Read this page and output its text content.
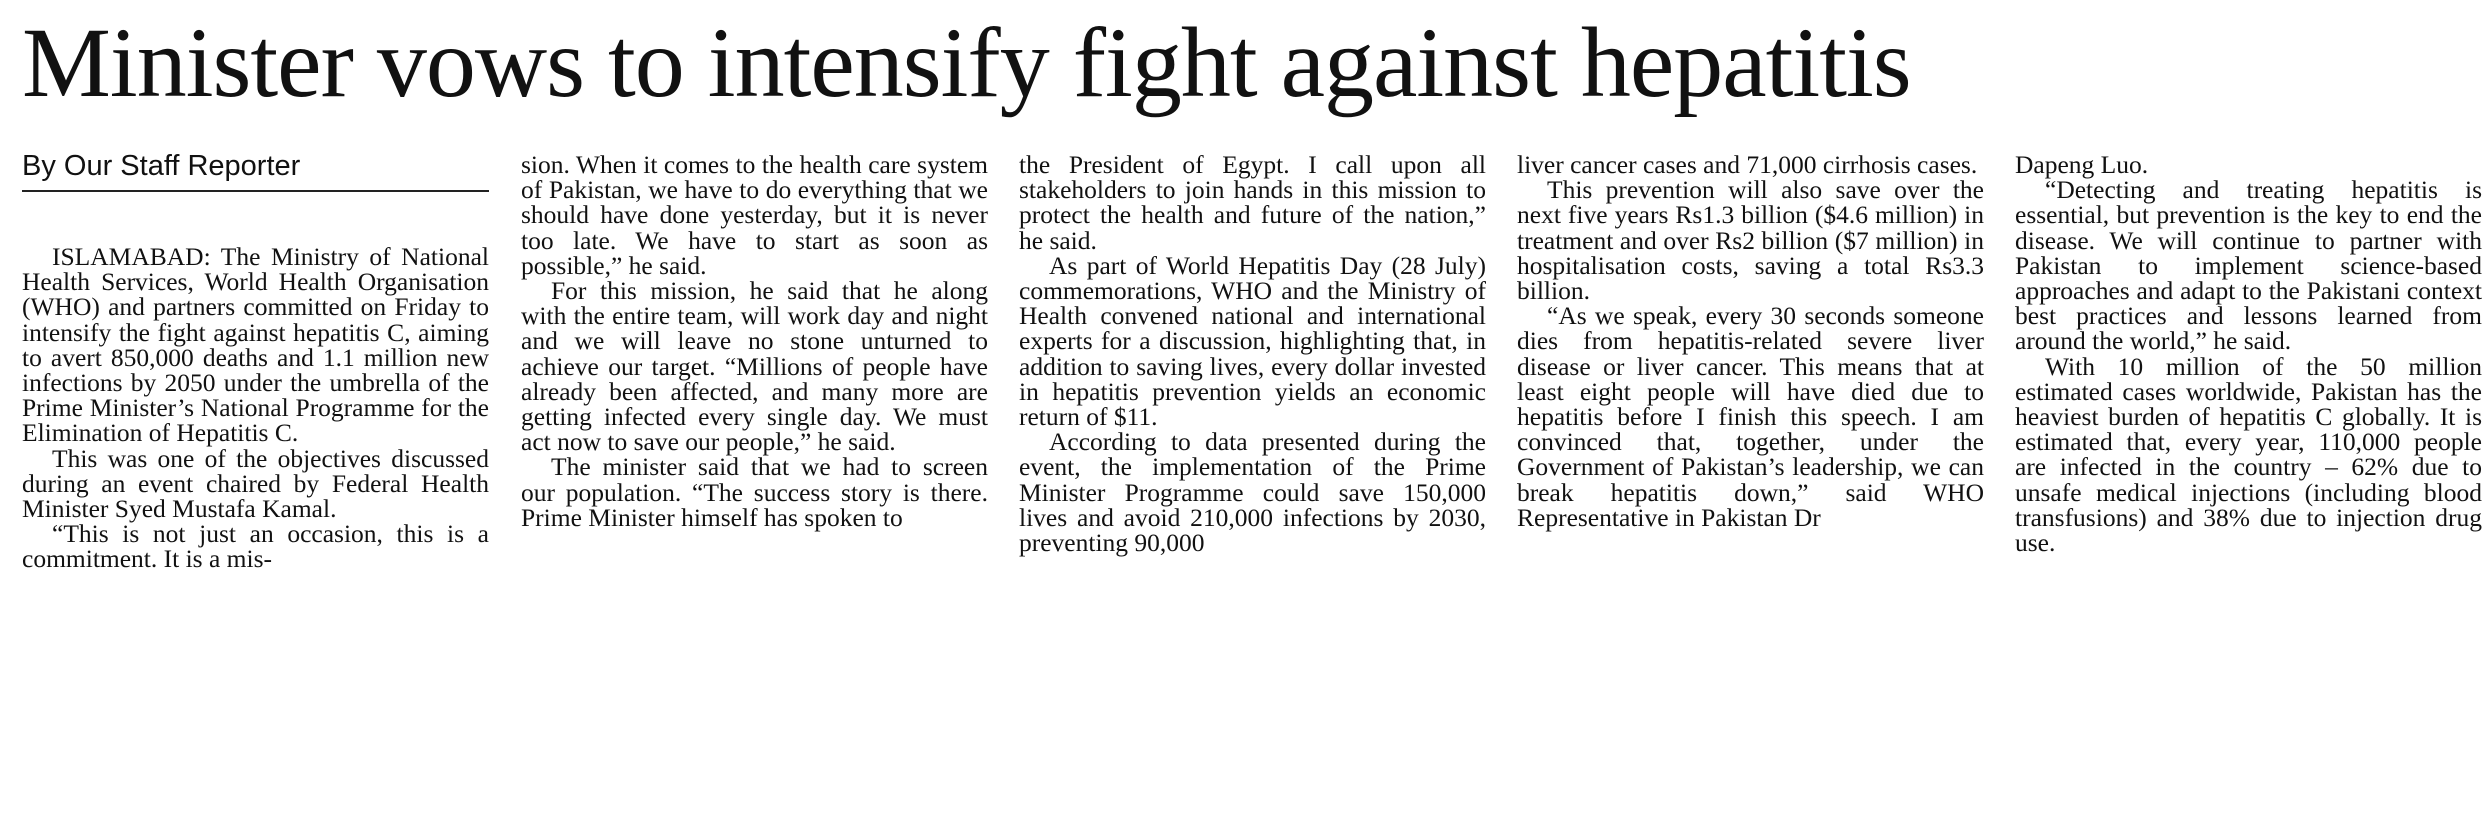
Minister vows to intensify fight against hepatitis
By Our Staff Reporter

ISLAMABAD: The Ministry of National Health Services, World Health Organisation (WHO) and partners committed on Friday to intensify the fight against hepatitis C, aiming to avert 850,000 deaths and 1.1 million new infections by 2050 under the umbrella of the Prime Minister’s National Programme for the Elimination of Hepatitis C.

This was one of the objectives discussed during an event chaired by Federal Health Minister Syed Mustafa Kamal.

“This is not just an occasion, this is a commitment. It is a mis-

sion. When it comes to the health care system of Pakistan, we have to do everything that we should have done yesterday, but it is never too late. We have to start as soon as possible,” he said.

For this mission, he said that he along with the entire team, will work day and night and we will leave no stone unturned to achieve our target. “Millions of people have already been affected, and many more are getting infected every single day. We must act now to save our people,” he said.

The minister said that we had to screen our population. “The success story is there. Prime Minister himself has spoken to

the President of Egypt. I call upon all stakeholders to join hands in this mission to protect the health and future of the nation,” he said.

As part of World Hepatitis Day (28 July) commemorations, WHO and the Ministry of Health convened national and international experts for a discussion, highlighting that, in addition to saving lives, every dollar invested in hepatitis prevention yields an economic return of $11.

According to data presented during the event, the implementation of the Prime Minister Programme could save 150,000 lives and avoid 210,000 infections by 2030, preventing 90,000

liver cancer cases and 71,000 cirrhosis cases.

This prevention will also save over the next five years Rs1.3 billion ($4.6 million) in treatment and over Rs2 billion ($7 million) in hospitalisation costs, saving a total Rs3.3 billion.

“As we speak, every 30 seconds someone dies from hepatitis-related severe liver disease or liver cancer. This means that at least eight people will have died due to hepatitis before I finish this speech. I am convinced that, together, under the Government of Pakistan’s leadership, we can break hepatitis down,” said WHO Representative in Pakistan Dr

Dapeng Luo.

“Detecting and treating hepatitis is essential, but prevention is the key to end the disease. We will continue to partner with Pakistan to implement science-based approaches and adapt to the Pakistani context best practices and lessons learned from around the world,” he said.

With 10 million of the 50 million estimated cases worldwide, Pakistan has the heaviest burden of hepatitis C globally. It is estimated that, every year, 110,000 people are infected in the country – 62% due to unsafe medical injections (including blood transfusions) and 38% due to injection drug use.
